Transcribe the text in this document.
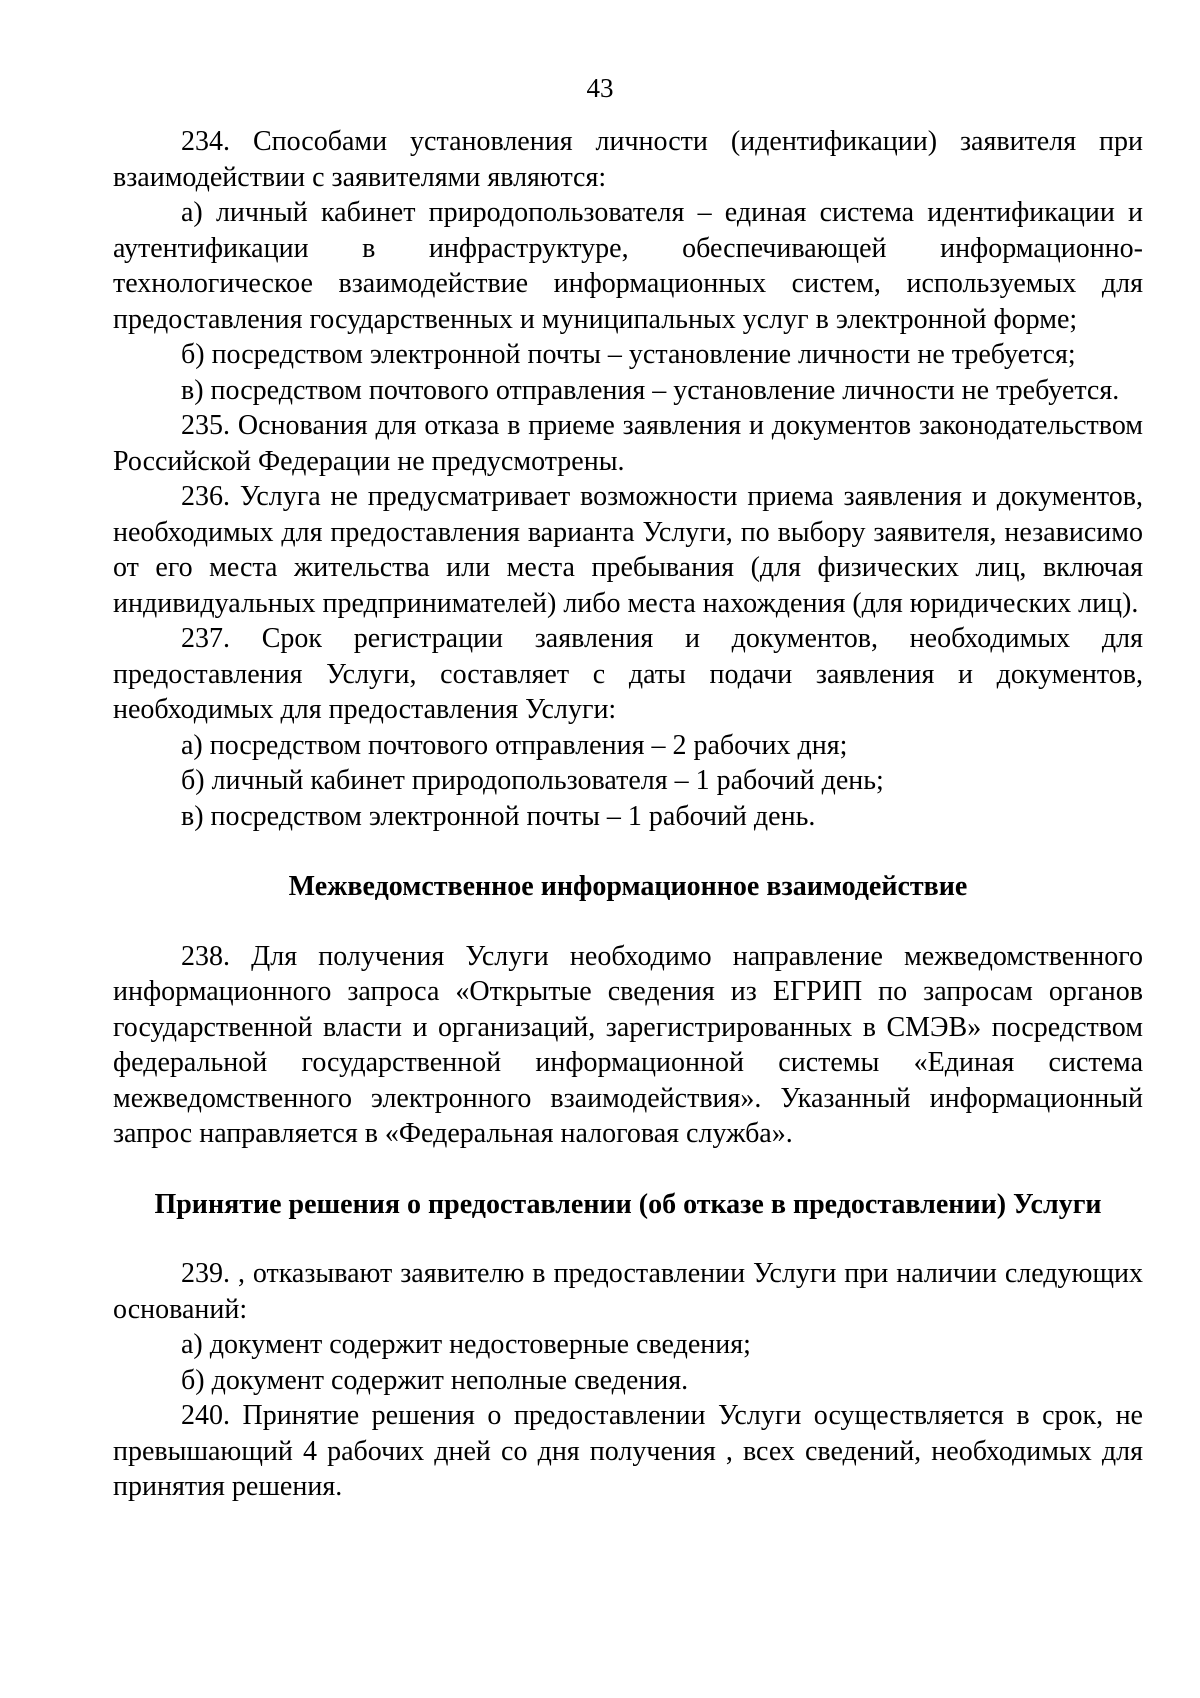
43

234. Способами установления личности (идентификации) заявителя при взаимодействии с заявителями являются:

а) личный кабинет природопользователя – единая система идентификации и аутентификации в инфраструктуре, обеспечивающей информационно-технологическое взаимодействие информационных систем, используемых для предоставления государственных и муниципальных услуг в электронной форме;

б) посредством электронной почты – установление личности не требуется;

в) посредством почтового отправления – установление личности не требуется.

235. Основания для отказа в приеме заявления и документов законодательством Российской Федерации не предусмотрены.

236. Услуга не предусматривает возможности приема заявления и документов, необходимых для предоставления варианта Услуги, по выбору заявителя, независимо от его места жительства или места пребывания (для физических лиц, включая индивидуальных предпринимателей) либо места нахождения (для юридических лиц).

237. Срок регистрации заявления и документов, необходимых для предоставления Услуги, составляет с даты подачи заявления и документов, необходимых для предоставления Услуги:

а) посредством почтового отправления – 2 рабочих дня;

б) личный кабинет природопользователя – 1 рабочий день;

в) посредством электронной почты – 1 рабочий день.

Межведомственное информационное взаимодействие

238. Для получения Услуги необходимо направление межведомственного информационного запроса «Открытые сведения из ЕГРИП по запросам органов государственной власти и организаций, зарегистрированных в СМЭВ» посредством федеральной государственной информационной системы «Единая система межведомственного электронного взаимодействия». Указанный информационный запрос направляется в «Федеральная налоговая служба».

Принятие решения о предоставлении (об отказе в предоставлении) Услуги

239. , отказывают заявителю в предоставлении Услуги при наличии следующих оснований:

а) документ содержит недостоверные сведения;

б) документ содержит неполные сведения.

240. Принятие решения о предоставлении Услуги осуществляется в срок, не превышающий 4 рабочих дней со дня получения , всех сведений, необходимых для принятия решения.
